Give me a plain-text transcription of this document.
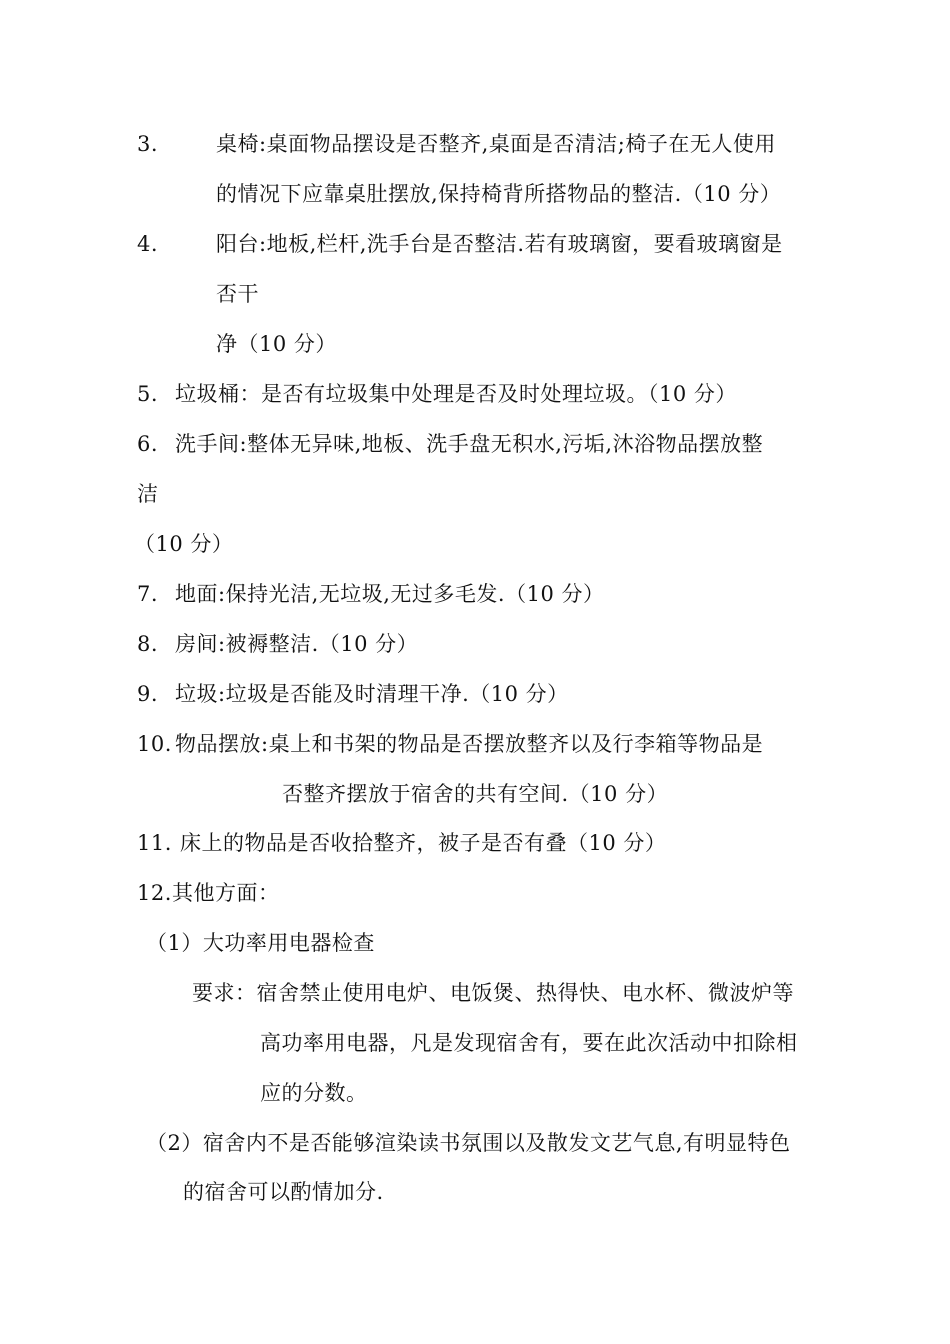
3.	桌椅:桌面物品摆设是否整齐,桌面是否清洁;椅子在无人使用
的情况下应靠桌肚摆放,保持椅背所搭物品的整洁.（10 分）
4.	阳台:地板,栏杆,洗手台是否整洁.若有玻璃窗，要看玻璃窗是
否干
净（10 分）
5. 垃圾桶：是否有垃圾集中处理是否及时处理垃圾。（10 分）
6. 洗手间:整体无异味,地板、洗手盘无积水,污垢,沐浴物品摆放整
洁
（10 分）
7. 地面:保持光洁,无垃圾,无过多毛发.（10 分）
8. 房间:被褥整洁.（10 分）
9. 垃圾:垃圾是否能及时清理干净.（10 分）
10. 物品摆放:桌上和书架的物品是否摆放整齐以及行李箱等物品是
否整齐摆放于宿舍的共有空间.（10 分）
11. 床上的物品是否收拾整齐，被子是否有叠（10 分）
12. 其他方面：
（1）大功率用电器检查
要求：宿舍禁止使用电炉、电饭煲、热得快、电水杯、微波炉等
高功率用电器，凡是发现宿舍有，要在此次活动中扣除相
应的分数。
（2）宿舍内不是否能够渲染读书氛围以及散发文艺气息,有明显特色
的宿舍可以酌情加分.
